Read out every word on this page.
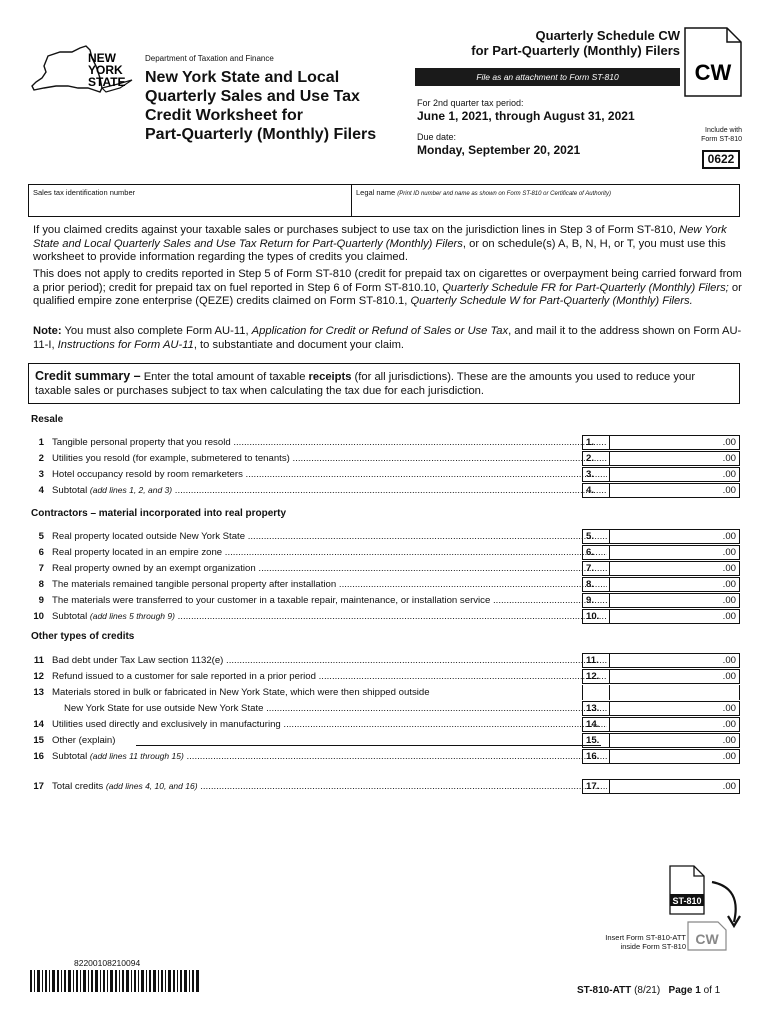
NEW
YORK
STATE
Department of Taxation and Finance
New York State and Local
Quarterly Sales and Use Tax
Credit Worksheet for
Part-Quarterly (Monthly) Filers
Quarterly Schedule CW
for Part-Quarterly (Monthly) Filers
File as an attachment to Form ST-810
For 2nd quarter tax period:
June 1, 2021, through August 31, 2021
Due date:
Monday, September 20, 2021
CW
Include with
Form ST-810
0622
Sales tax identification number	Legal name (Print ID number and name as shown on Form ST-810 or Certificate of Authority)
If you claimed credits against your taxable sales or purchases subject to use tax on the jurisdiction lines in Step 3 of Form ST-810, New York State and Local Quarterly Sales and Use Tax Return for Part-Quarterly (Monthly) Filers, or on schedule(s) A, B, N, H, or T, you must use this worksheet to provide information regarding the types of credits you claimed.
This does not apply to credits reported in Step 5 of Form ST-810 (credit for prepaid tax on cigarettes or overpayment being carried forward from a prior period); credit for prepaid tax on fuel reported in Step 6 of Form ST-810.10, Quarterly Schedule FR for Part-Quarterly (Monthly) Filers; or qualified empire zone enterprise (QEZE) credits claimed on Form ST-810.1, Quarterly Schedule W for Part-Quarterly (Monthly) Filers.
Note: You must also complete Form AU-11, Application for Credit or Refund of Sales or Use Tax, and mail it to the address shown on Form AU-11-I, Instructions for Form AU-11, to substantiate and document your claim.
Credit summary – Enter the total amount of taxable receipts (for all jurisdictions). These are the amounts you used to reduce your taxable sales or purchases subject to tax when calculating the tax due for each jurisdiction.
Resale
Contractors – material incorporated into real property
Other types of credits
1 Tangible personal property that you resold .....	1.	.00
2 Utilities you resold (for example, submetered to tenants) .....	2.	.00
3 Hotel occupancy resold by room remarketers .....	3.	.00
4 Subtotal (add lines 1, 2, and 3) .....	4.	.00
5 Real property located outside New York State .....	5.	.00
6 Real property located in an empire zone .....	6.	.00
7 Real property owned by an exempt organization .....	7.	.00
8 The materials remained tangible personal property after installation .....	8.	.00
9 The materials were transferred to your customer in a taxable repair, maintenance, or installation service .....	9.	.00
10 Subtotal (add lines 5 through 9) .....	10.	.00
11 Bad debt under Tax Law section 1132(e) .....	11.	.00
12 Refund issued to a customer for sale reported in a prior period .....	12.	.00
13 Materials stored in bulk or fabricated in New York State, which were then shipped outside
New York State for use outside New York State .....	13.	.00
14 Utilities used directly and exclusively in manufacturing .....	14.	.00
15 Other (explain)	15.	.00
16 Subtotal (add lines 11 through 15) .....	16.	.00
17 Total credits (add lines 4, 10, and 16) .....	17.	.00
ST-810
CW
Insert Form ST-810-ATT
inside Form ST-810
82200108210094
ST-810-ATT (8/21) Page 1 of 1
